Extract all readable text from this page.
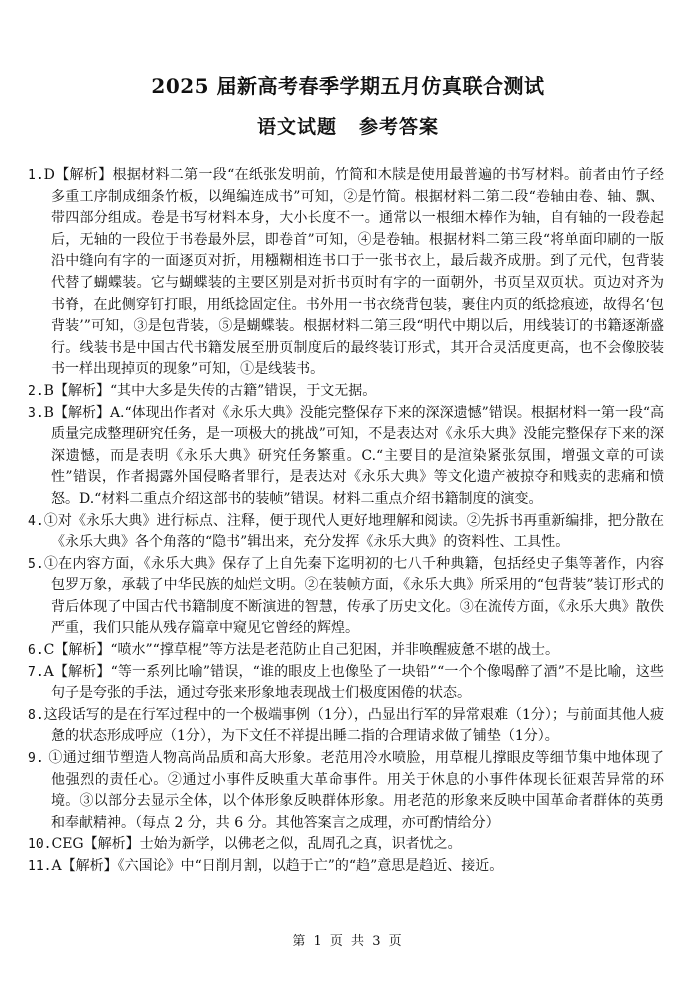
2025 届新高考春季学期五月仿真联合测试
语文试题 参考答案

1.D【解析】根据材料二第一段“在纸张发明前，竹简和木牍是使用最普遍的书写材料。前者由竹子经多重工序制成细条竹板，以绳编连成书”可知，②是竹简。根据材料二第二段“卷轴由卷、轴、飘、带四部分组成。卷是书写材料本身，大小长度不一。通常以一根细木棒作为轴，自有轴的一段卷起后，无轴的一段位于书卷最外层，即卷首”可知，④是卷轴。根据材料二第三段“将单面印刷的一版沿中缝向有字的一面逐页对折，用糨糊相连书口于一张书衣上，最后裁齐成册。到了元代，包背装代替了蝴蝶装。它与蝴蝶装的主要区别是对折书页时有字的一面朝外，书页呈双页状。页边对齐为书脊，在此侧穿钉打眼，用纸捻固定住。书外用一书衣绕背包装，裹住内页的纸捻痕迹，故得名‘包背装’”可知，③是包背装，⑤是蝴蝶装。根据材料二第三段“明代中期以后，用线装订的书籍逐渐盛行。线装书是中国古代书籍发展至册页制度后的最终装订形式，其开合灵活度更高，也不会像胶装书一样出现掉页的现象”可知，①是线装书。

2.B【解析】“其中大多是失传的古籍”错误，于文无据。

3.B【解析】A.“体现出作者对《永乐大典》没能完整保存下来的深深遗憾”错误。根据材料一第一段“高质量完成整理研究任务，是一项极大的挑战”可知，不是表达对《永乐大典》没能完整保存下来的深深遗憾，而是表明《永乐大典》研究任务繁重。C.“主要目的是渲染紧张氛围，增强文章的可读性”错误，作者揭露外国侵略者罪行，是表达对《永乐大典》等文化遗产被掠夺和贱卖的悲痛和愤怒。D.“材料二重点介绍这部书的装帧”错误。材料二重点介绍书籍制度的演变。

4.①对《永乐大典》进行标点、注释，便于现代人更好地理解和阅读。②先拆书再重新编排，把分散在《永乐大典》各个角落的“隐书”辑出来，充分发挥《永乐大典》的资料性、工具性。

5.①在内容方面，《永乐大典》保存了上自先秦下迄明初的七八千种典籍，包括经史子集等著作，内容包罗万象，承载了中华民族的灿烂文明。②在装帧方面，《永乐大典》所采用的“包背装”装订形式的背后体现了中国古代书籍制度不断演进的智慧，传承了历史文化。③在流传方面，《永乐大典》散佚严重，我们只能从残存篇章中窥见它曾经的辉煌。

6.C【解析】“喷水”“撑草棍”等方法是老范防止自己犯困，并非唤醒疲惫不堪的战士。

7.A【解析】“等一系列比喻”错误，“谁的眼皮上也像坠了一块铅”“一个个像喝醉了酒”不是比喻，这些句子是夸张的手法，通过夸张来形象地表现战士们极度困倦的状态。

8.这段话写的是在行军过程中的一个极端事例（1分），凸显出行军的异常艰难（1分）；与前面其他人疲惫的状态形成呼应（1分），为下文任不祥提出睡二指的合理请求做了铺垫（1分）。

9. ①通过细节塑造人物高尚品质和高大形象。老范用冷水喷脸，用草棍儿撑眼皮等细节集中地体现了他强烈的责任心。②通过小事件反映重大革命事件。用关于休息的小事件体现长征艰苦异常的环境。③以部分去显示全体，以个体形象反映群体形象。用老范的形象来反映中国革命者群体的英勇和奉献精神。（每点 2 分，共 6 分。其他答案言之成理，亦可酌情给分）

10.CEG【解析】士始为新学，以佛老之似，乱周孔之真，识者忧之。

11.A【解析】《六国论》中“日削月割，以趋于亡”的“趋”意思是趋近、接近。

第 1 页 共 3 页
